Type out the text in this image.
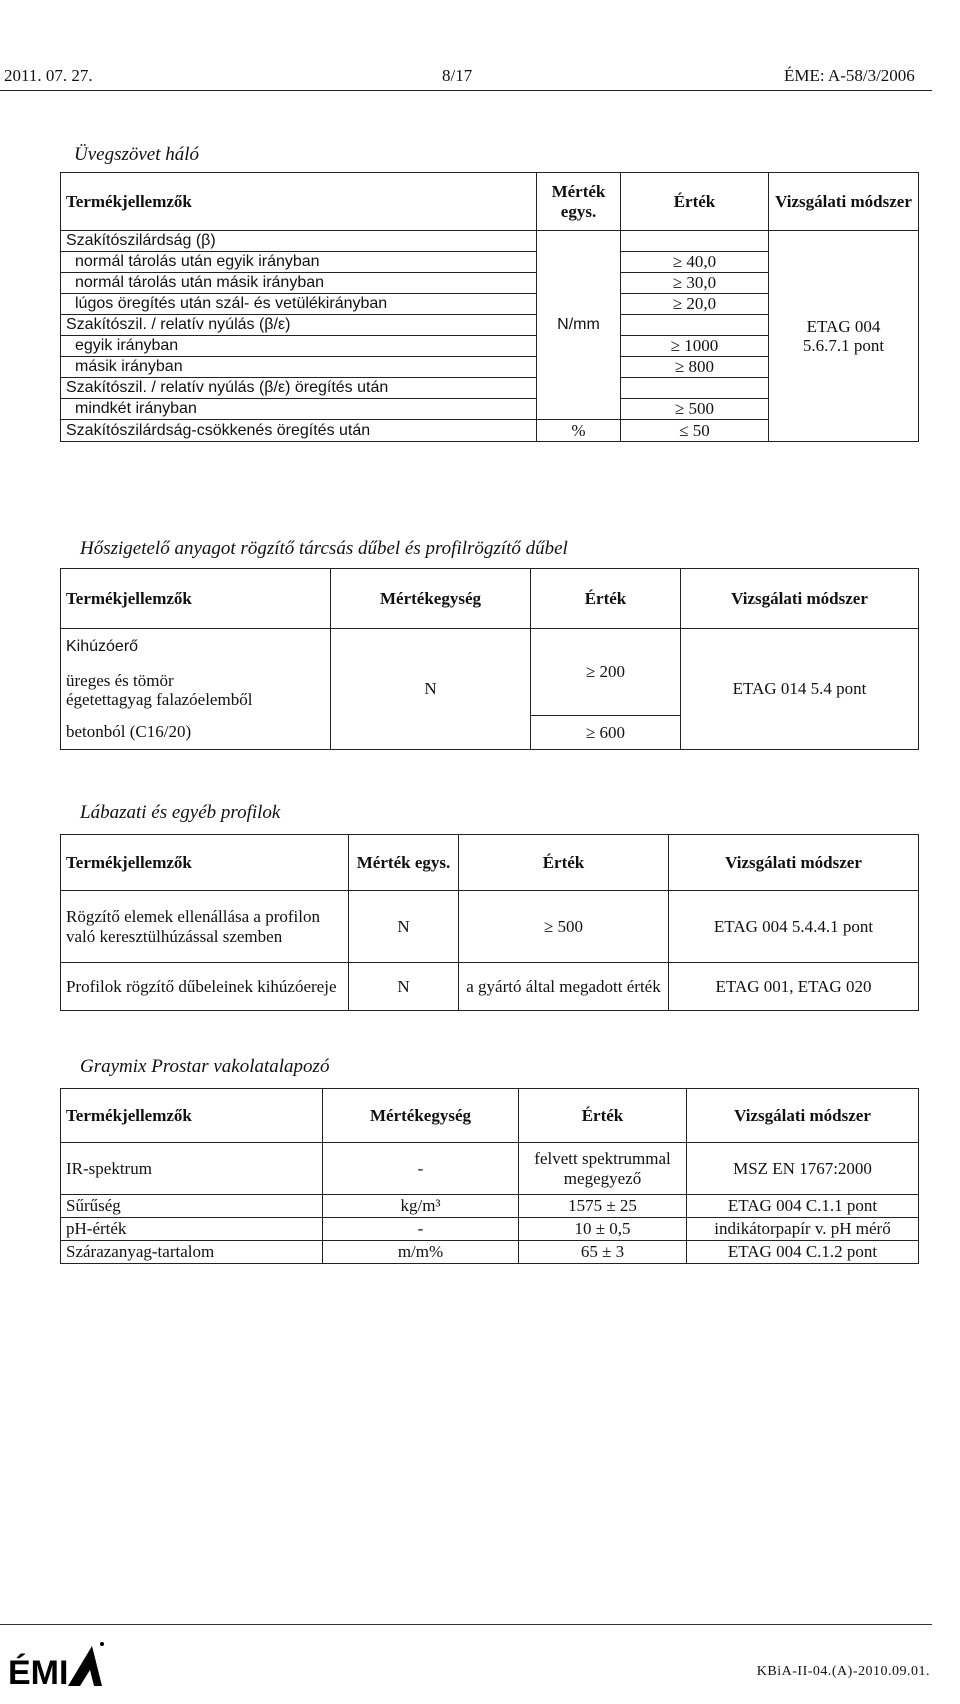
2011. 07. 27.	8/17	ÉME: A-58/3/2006
Üvegszövet háló
Termékjellemzők	Mérték egys.	Érték	Vizsgálati módszer
Szakítószilárdság (β)	N/mm		ETAG 004
5.6.7.1 pont

normál tárolás után egyik irányban		≥ 40,0	
normál tárolás után másik irányban		≥ 30,0	
lúgos öregítés után szál- és vetülékirányban		≥ 20,0	
Szakítószil. / relatív nyúlás (β/ε)			
egyik irányban		≥ 1000	
másik irányban		≥ 800	
Szakítószil. / relatív nyúlás (β/ε) öregítés után			
mindkét irányban		≥ 500	
Szakítószilárdság-csökkenés öregítés után	%	≤ 50	
Hőszigetelő anyagot rögzítő tárcsás dűbel és profilrögzítő dűbel
Termékjellemzők	Mértékegység	Érték	Vizsgálati módszer
Kihúzóerő	N	≥ 200	ETAG 014 5.4 pont

üreges és tömör
égetettagyag falazóelemből			

betonból (C16/20)		≥ 600	
Lábazati és egyéb profilok
Termékjellemzők	Mérték egys.	Érték	Vizsgálati módszer
Rögzítő elemek ellenállása a profilon való keresztülhúzással szemben	N	≥ 500	ETAG 004 5.4.4.1 pont
Profilok rögzítő dűbeleinek kihúzóerejе	N	a gyártó által megadott érték	ETAG 001, ETAG 020
Graymix Prostar vakolatalapozó
Termékjellemzők	Mértékegység	Érték	Vizsgálati módszer
IR-spektrum	-	felvett spektrummal megegyező	MSZ EN 1767:2000
Sűrűség	kg/m³	1575 ± 25	ETAG 004 C.1.1 pont
pH-érték	-	10 ± 0,5	indikátorpapír v. pH mérő
Szárazanyag-tartalom	m/m%	65 ± 3	ETAG 004 C.1.2 pont
ÉMI	KBiA-II-04.(A)-2010.09.01.
